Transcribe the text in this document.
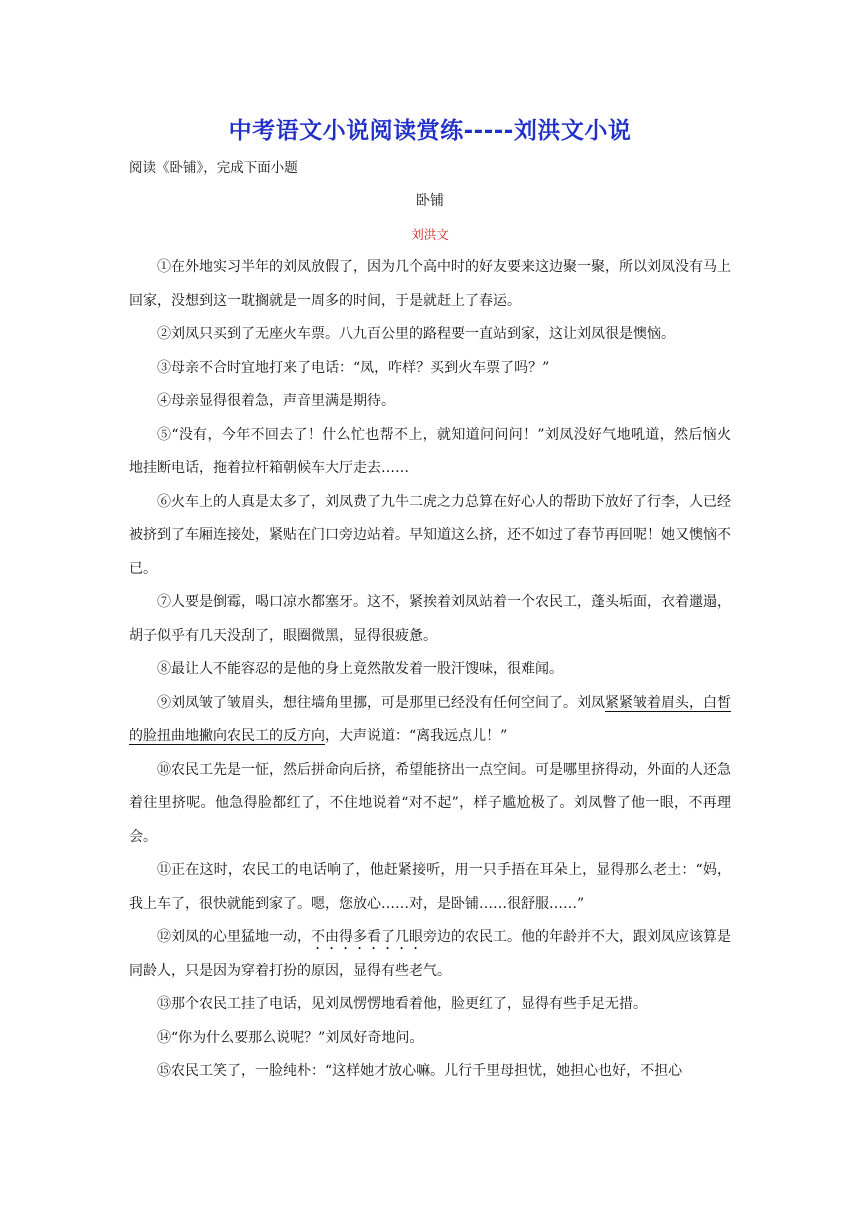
中考语文小说阅读赏练-----刘洪文小说

阅读《卧铺》，完成下面小题

卧铺

刘洪文

①在外地实习半年的刘凤放假了，因为几个高中时的好友要来这边聚一聚，所以刘凤没有马上回家，没想到这一耽搁就是一周多的时间，于是就赶上了春运。

②刘凤只买到了无座火车票。八九百公里的路程要一直站到家，这让刘凤很是懊恼。

③母亲不合时宜地打来了电话：“凤，咋样？买到火车票了吗？”

④母亲显得很着急，声音里满是期待。

⑤“没有，今年不回去了！什么忙也帮不上，就知道问问问！”刘凤没好气地吼道，然后恼火地挂断电话，拖着拉杆箱朝候车大厅走去……

⑥火车上的人真是太多了，刘凤费了九牛二虎之力总算在好心人的帮助下放好了行李，人已经被挤到了车厢连接处，紧贴在门口旁边站着。早知道这么挤，还不如过了春节再回呢！她又懊恼不已。

⑦人要是倒霉，喝口凉水都塞牙。这不，紧挨着刘凤站着一个农民工，蓬头垢面，衣着邋遢，胡子似乎有几天没刮了，眼圈微黑，显得很疲惫。

⑧最让人不能容忍的是他的身上竟然散发着一股汗馊味，很难闻。

⑨刘凤皱了皱眉头，想往墙角里挪，可是那里已经没有任何空间了。刘凤紧紧皱着眉头，白皙的脸扭曲地撇向农民工的反方向，大声说道：“离我远点儿！”

⑩农民工先是一怔，然后拼命向后挤，希望能挤出一点空间。可是哪里挤得动，外面的人还急着往里挤呢。他急得脸都红了，不住地说着“对不起”，样子尴尬极了。刘凤瞥了他一眼，不再理会。

⑪正在这时，农民工的电话响了，他赶紧接听，用一只手捂在耳朵上，显得那么老土：“妈，我上车了，很快就能到家了。嗯，您放心……对，是卧铺……很舒服……”

⑫刘凤的心里猛地一动，不由得多看了几眼旁边的农民工。他的年龄并不大，跟刘凤应该算是同龄人，只是因为穿着打扮的原因，显得有些老气。

⑬那个农民工挂了电话，见刘凤愣愣地看着他，脸更红了，显得有些手足无措。

⑭“你为什么要那么说呢？”刘凤好奇地问。

⑮农民工笑了，一脸纯朴：“这样她才放心嘛。儿行千里母担忧，她担心也好，不担心
